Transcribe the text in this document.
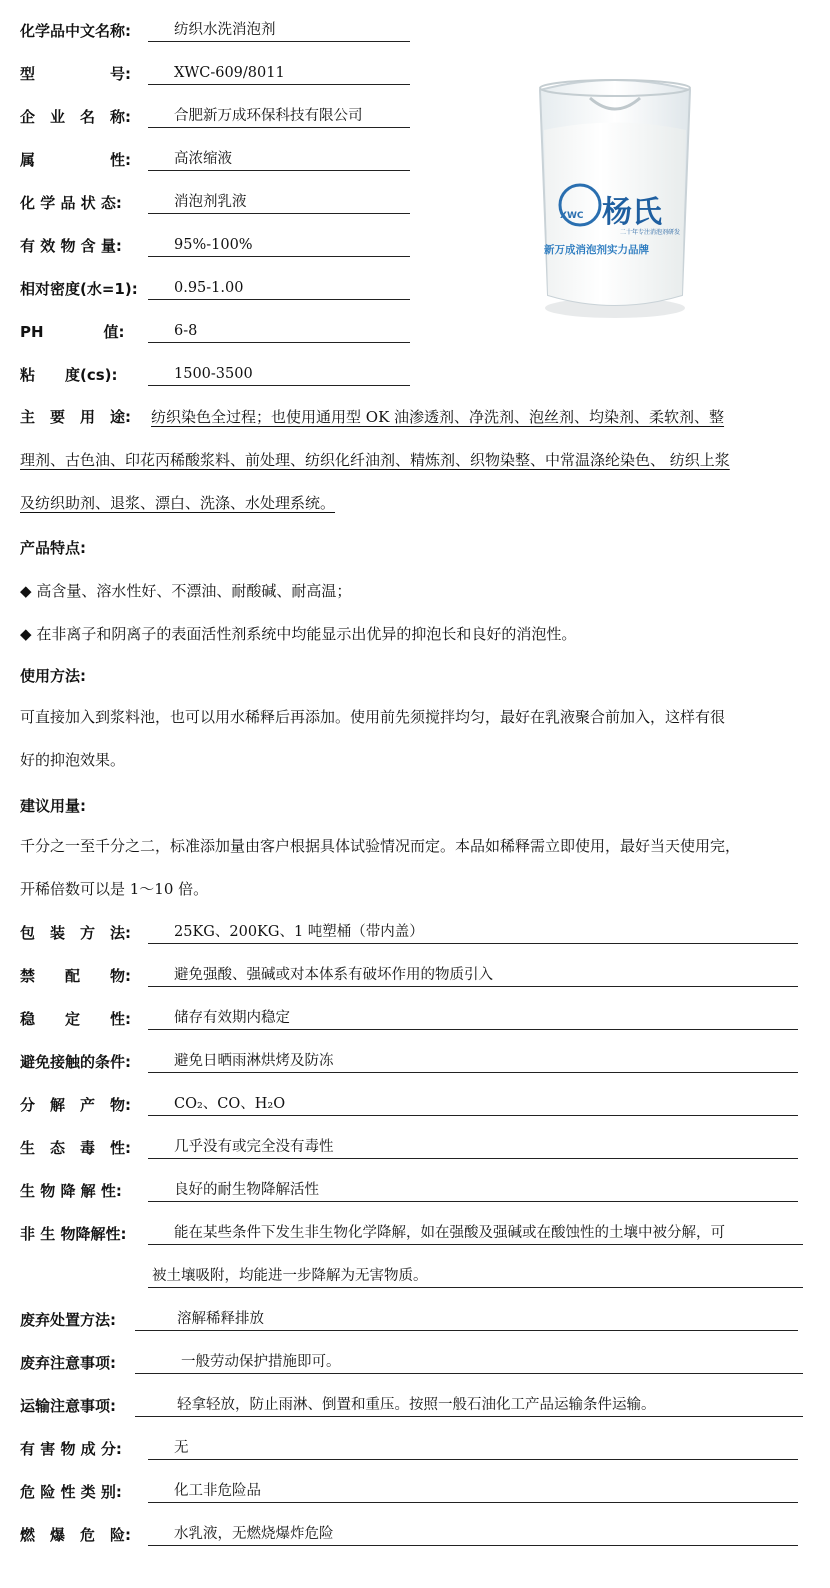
化学品中文名称:	纺织水洗消泡剂
型　　　　　号:	XWC-609/8011
企　业　名　称:	合肥新万成环保科技有限公司
属　　　　　性:	高浓缩液
化 学 品 状 态:	消泡剂乳液
有 效 物 含 量:	95%-100%
相对密度(水=1):	0.95-1.00
PH　　　　值:	6-8
粘　　度(cs):	1500-3500
XWC 杨氏
二十年专注消泡剂研发
新万成消泡剂实力品牌
主　要　用　途: 纺织染色全过程；也使用通用型 OK 油渗透剂、净洗剂、泡丝剂、均染剂、柔软剂、整
理剂、古色油、印花丙稀酸浆料、前处理、纺织化纤油剂、精炼剂、织物染整、中常温涤纶染色、 纺织上浆
及纺织助剂、退浆、漂白、洗涤、水处理系统。
产品特点:
◆ 高含量、溶水性好、不漂油、耐酸碱、耐高温；
◆ 在非离子和阴离子的表面活性剂系统中均能显示出优异的抑泡长和良好的消泡性。
使用方法:
可直接加入到浆料池，也可以用水稀释后再添加。使用前先须搅拌均匀，最好在乳液聚合前加入，这样有很
好的抑泡效果。
建议用量:
千分之一至千分之二，标准添加量由客户根据具体试验情况而定。本品如稀释需立即使用，最好当天使用完，
开稀倍数可以是 1～10 倍。
包　装　方　法:	25KG、200KG、1 吨塑桶（带内盖）
禁　　配　　物:	避免强酸、强碱或对本体系有破坏作用的物质引入
稳　　定　　性:	储存有效期内稳定
避免接触的条件:	避免日晒雨淋烘烤及防冻
分　解　产　物:	CO₂、CO、H₂O
生　态　毒　性:	几乎没有或完全没有毒性
生 物 降 解 性:	良好的耐生物降解活性
非 生 物降解性:	能在某些条件下发生非生物化学降解，如在强酸及强碱或在酸蚀性的土壤中被分解，可
被土壤吸附，均能进一步降解为无害物质。
废弃处置方法:	溶解稀释排放
废弃注意事项:	一般劳动保护措施即可。
运输注意事项:	轻拿轻放，防止雨淋、倒置和重压。按照一般石油化工产品运输条件运输。
有 害 物 成 分:	无
危 险 性 类 别:	化工非危险品
燃　爆　危　险:	水乳液，无燃烧爆炸危险
